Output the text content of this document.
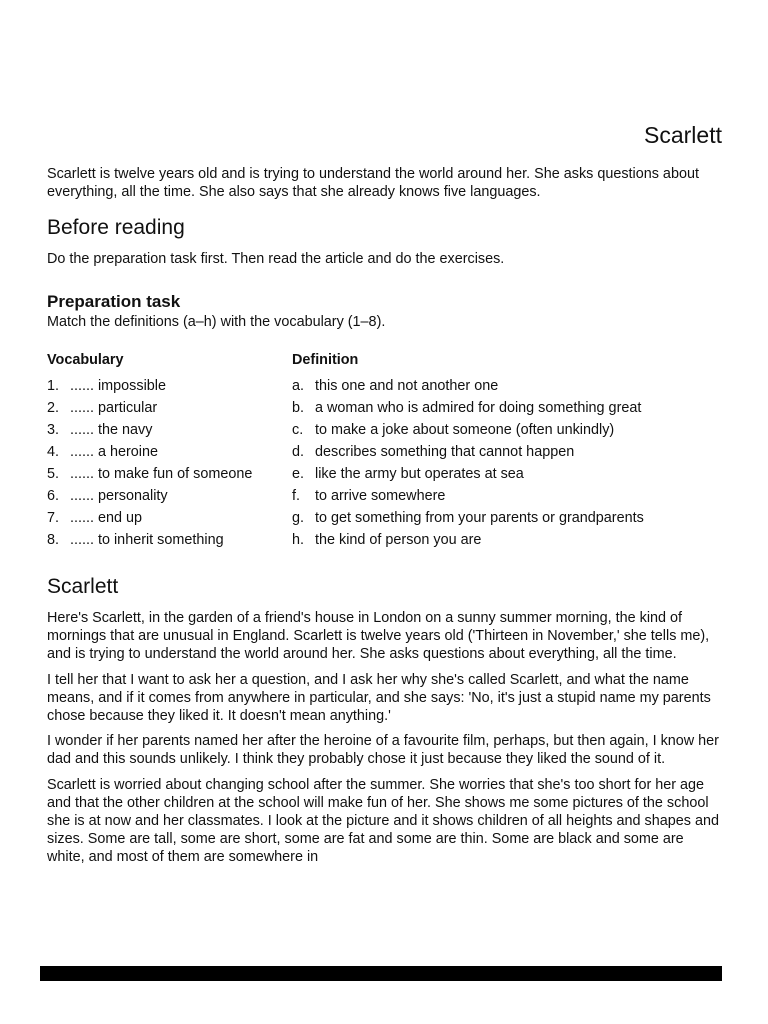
Scarlett

Scarlett is twelve years old and is trying to understand the world around her. She asks questions about everything, all the time. She also says that she already knows five languages.

Before reading

Do the preparation task first. Then read the article and do the exercises.

Preparation task

Match the definitions (a–h) with the vocabulary (1–8).

Vocabulary	Definition
1. ...... impossible	a. this one and not another one
2. ...... particular	b. a woman who is admired for doing something great
3. ...... the navy	c. to make a joke about someone (often unkindly)
4. ...... a heroine	d. describes something that cannot happen
5. ...... to make fun of someone	e. like the army but operates at sea
6. ...... personality	f. to arrive somewhere
7. ...... end up	g. to get something from your parents or grandparents
8. ...... to inherit something	h. the kind of person you are
Scarlett

Here's Scarlett, in the garden of a friend's house in London on a sunny summer morning, the kind of mornings that are unusual in England. Scarlett is twelve years old ('Thirteen in November,' she tells me), and is trying to understand the world around her. She asks questions about everything, all the time.

I tell her that I want to ask her a question, and I ask her why she's called Scarlett, and what the name means, and if it comes from anywhere in particular, and she says: 'No, it's just a stupid name my parents chose because they liked it. It doesn't mean anything.'

I wonder if her parents named her after the heroine of a favourite film, perhaps, but then again, I know her dad and this sounds unlikely. I think they probably chose it just because they liked the sound of it.

Scarlett is worried about changing school after the summer. She worries that she's too short for her age and that the other children at the school will make fun of her. She shows me some pictures of the school she is at now and her classmates. I look at the picture and it shows children of all heights and shapes and sizes. Some are tall, some are short, some are fat and some are thin. Some are black and some are white, and most of them are somewhere in
